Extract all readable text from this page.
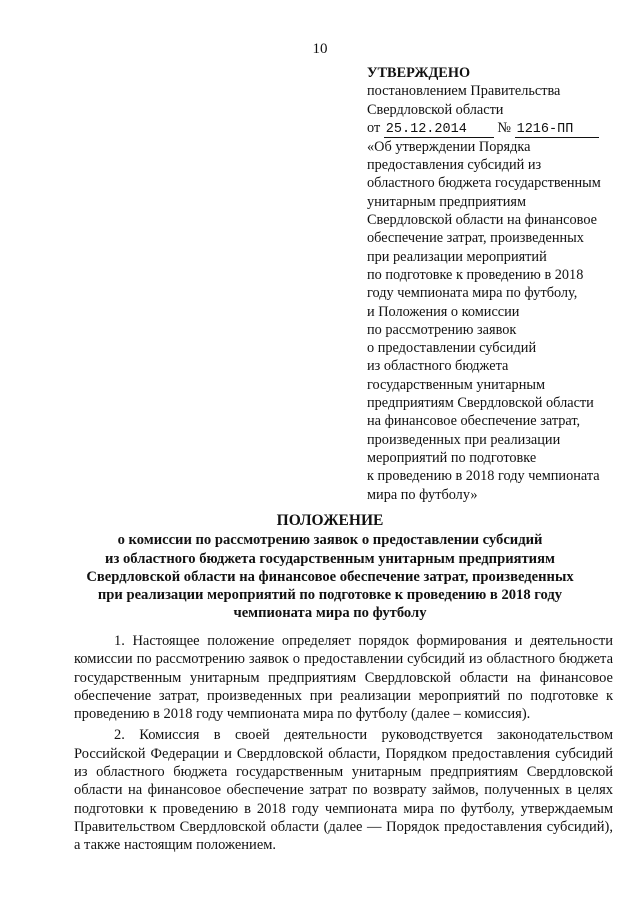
10
УТВЕРЖДЕНО
постановлением Правительства
Свердловской области
от 25.12.2014 № 1216-ПП
«Об утверждении Порядка
предоставления субсидий из
областного бюджета государственным
унитарным предприятиям
Свердловской области на финансовое
обеспечение затрат, произведенных
при реализации мероприятий
по подготовке к проведению в 2018
году чемпионата мира по футболу,
и Положения о комиссии
по рассмотрению заявок
о предоставлении субсидий
из областного бюджета
государственным унитарным
предприятиям Свердловской области
на финансовое обеспечение затрат,
произведенных при реализации
мероприятий по подготовке
к проведению в 2018 году чемпионата
мира по футболу»
ПОЛОЖЕНИЕ
о комиссии по рассмотрению заявок о предоставлении субсидий
из областного бюджета государственным унитарным предприятиям
Свердловской области на финансовое обеспечение затрат, произведенных
при реализации мероприятий по подготовке к проведению в 2018 году
чемпионата мира по футболу

1. Настоящее положение определяет порядок формирования и деятельности комиссии по рассмотрению заявок о предоставлении субсидий из областного бюджета государственным унитарным предприятиям Свердловской области на финансовое обеспечение затрат, произведенных при реализации мероприятий по подготовке к проведению в 2018 году чемпионата мира по футболу (далее – комиссия).

2. Комиссия в своей деятельности руководствуется законодательством Российской Федерации и Свердловской области, Порядком предоставления субсидий из областного бюджета государственным унитарным предприятиям Свердловской области на финансовое обеспечение затрат по возврату займов, полученных в целях подготовки к проведению в 2018 году чемпионата мира по футболу, утверждаемым Правительством Свердловской области (далее — Порядок предоставления субсидий), а также настоящим положением.
